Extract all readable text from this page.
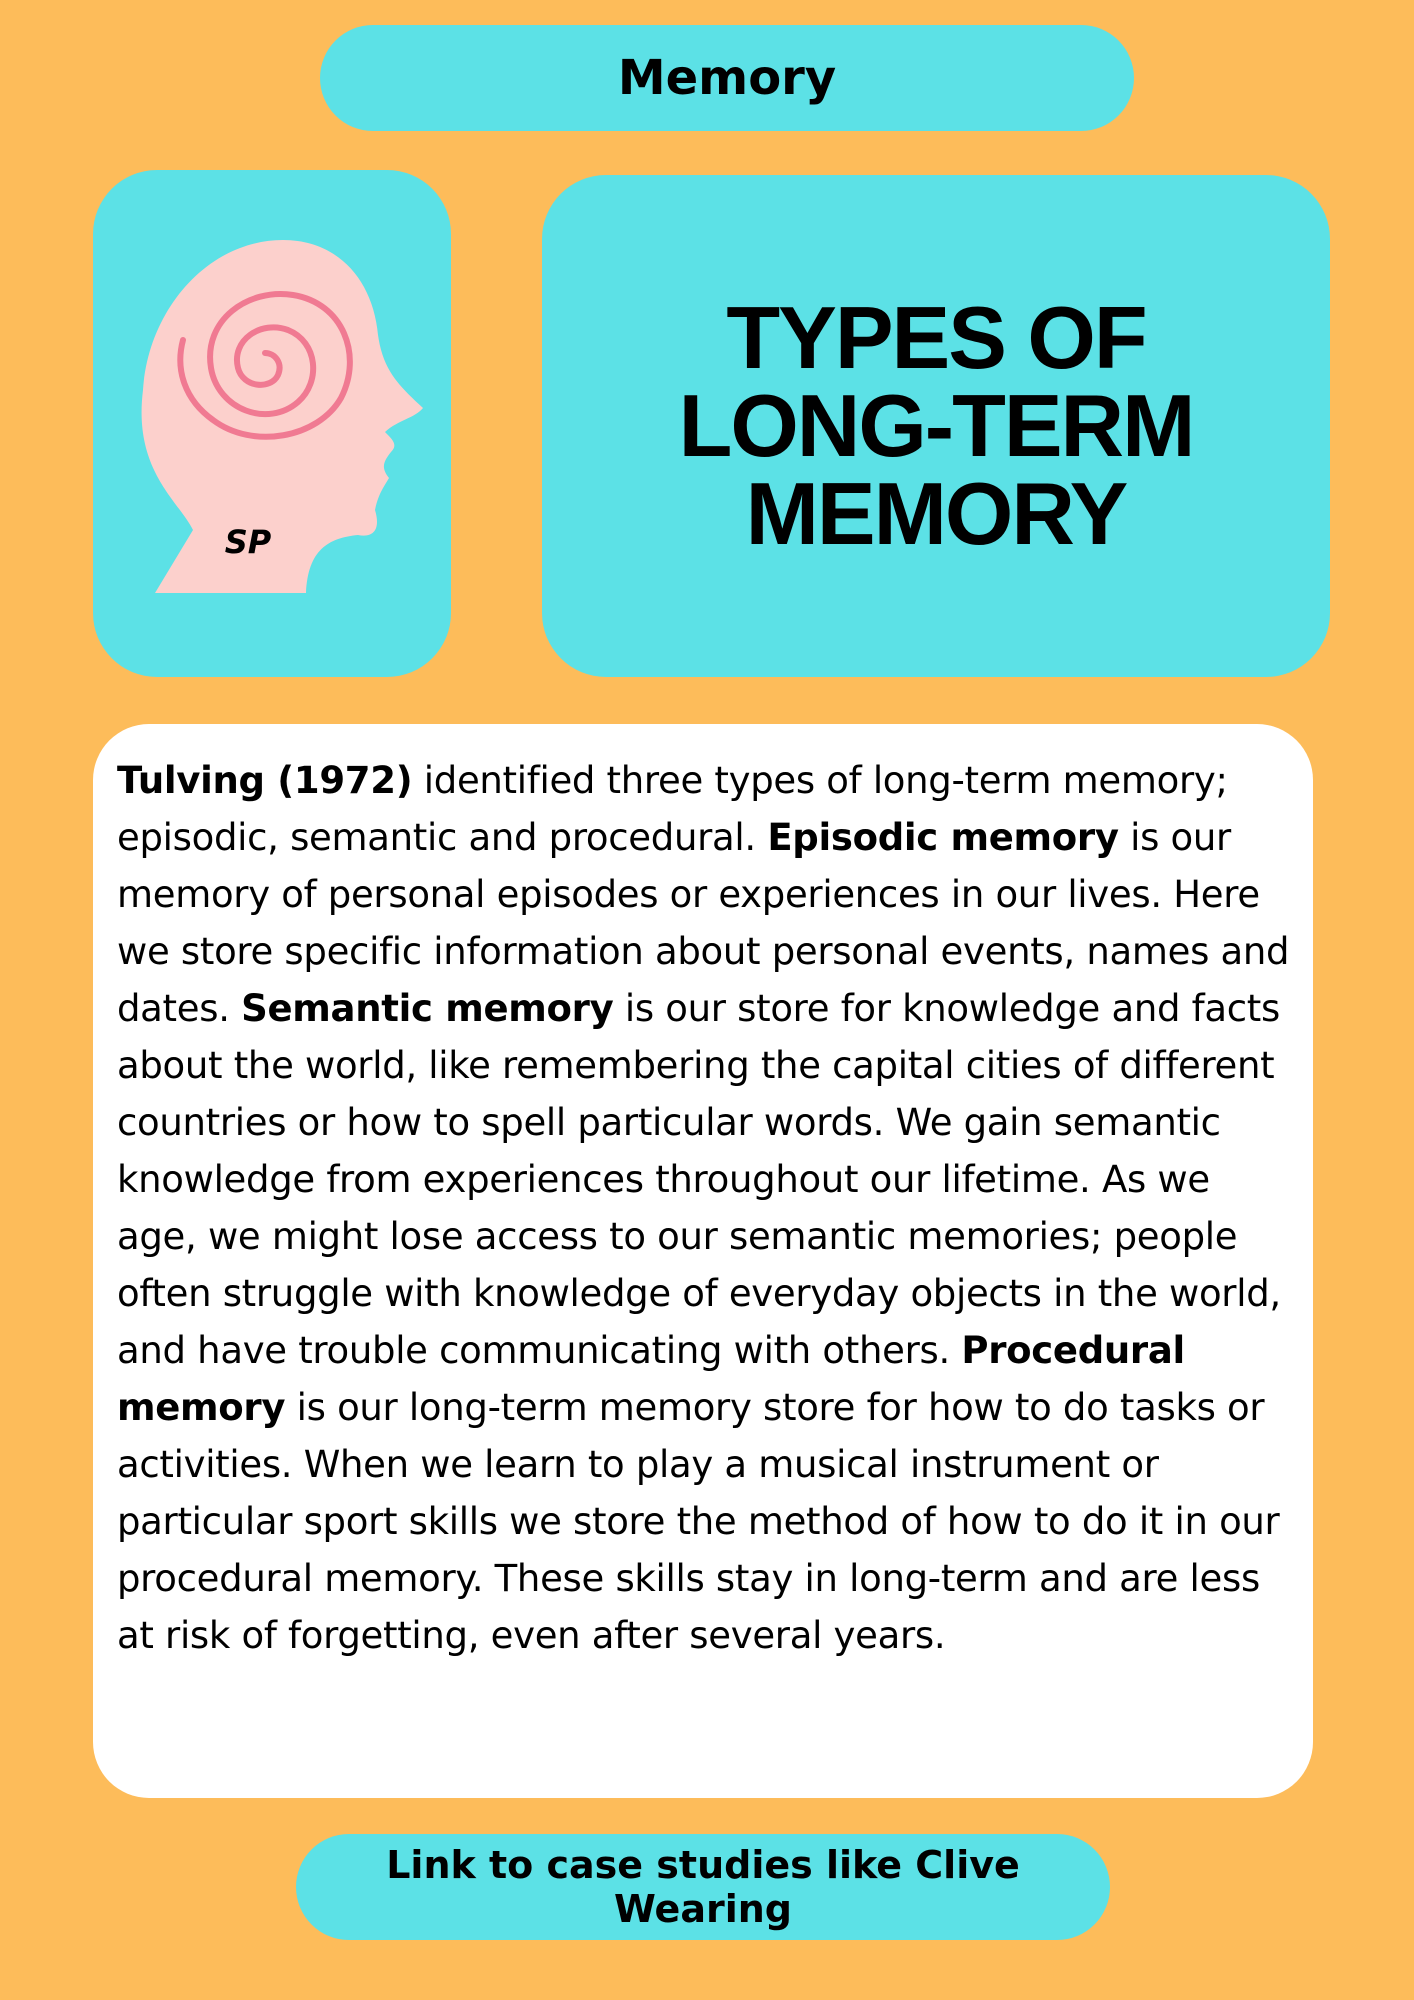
Memory
SP
TYPES OF
LONG-TERM
MEMORY

Tulving (1972) identified three types of long-term memory; episodic, semantic and procedural. Episodic memory is our memory of personal episodes or experiences in our lives. Here we store specific information about personal events, names and dates. Semantic memory is our store for knowledge and facts about the world, like remembering the capital cities of different countries or how to spell particular words. We gain semantic knowledge from experiences throughout our lifetime. As we age, we might lose access to our semantic memories; people often struggle with knowledge of everyday objects in the world, and have trouble communicating with others. Procedural memory is our long-term memory store for how to do tasks or activities. When we learn to play a musical instrument or particular sport skills we store the method of how to do it in our procedural memory. These skills stay in long-term and are less at risk of forgetting, even after several years.

Link to case studies like Clive Wearing
